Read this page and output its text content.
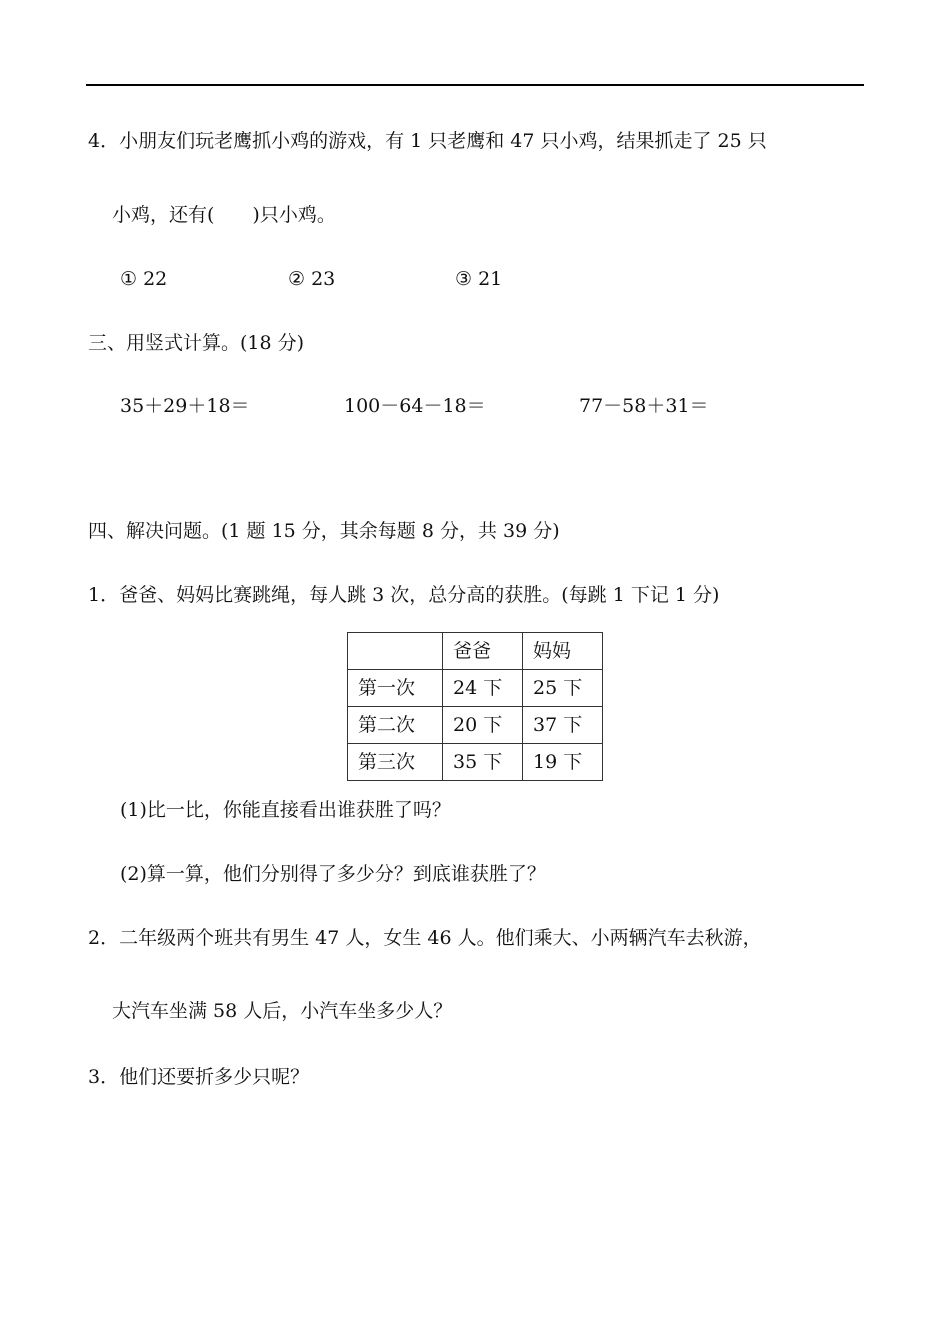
4．小朋友们玩老鹰抓小鸡的游戏，有 1 只老鹰和 47 只小鸡，结果抓走了 25 只

小鸡，还有(　　)只小鸡。

① 22	② 23	③ 21

三、用竖式计算。(18 分)

35＋29＋18＝	100－64－18＝	77－58＋31＝

四、解决问题。(1 题 15 分，其余每题 8 分，共 39 分)

1．爸爸、妈妈比赛跳绳，每人跳 3 次，总分高的获胜。(每跳 1 下记 1 分)

	爸爸	妈妈
第一次	24 下	25 下
第二次	20 下	37 下
第三次	35 下	19 下

(1)比一比，你能直接看出谁获胜了吗？

(2)算一算，他们分别得了多少分？到底谁获胜了？

2．二年级两个班共有男生 47 人，女生 46 人。他们乘大、小两辆汽车去秋游，

大汽车坐满 58 人后，小汽车坐多少人？

3．他们还要折多少只呢？
